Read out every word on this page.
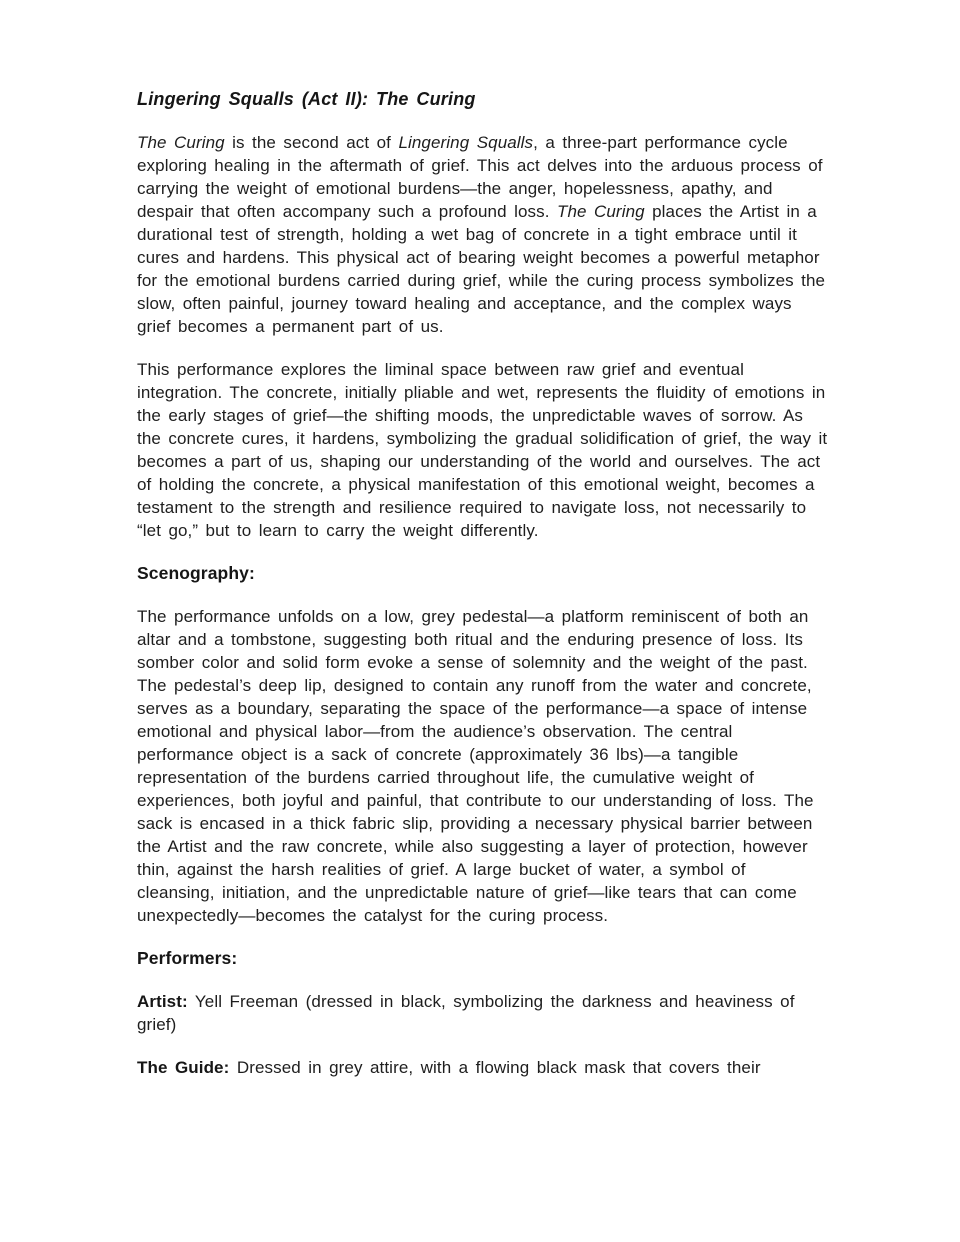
Lingering Squalls (Act II): The Curing

The Curing is the second act of Lingering Squalls, a three-part performance cycle exploring healing in the aftermath of grief. This act delves into the arduous process of carrying the weight of emotional burdens—the anger, hopelessness, apathy, and despair that often accompany such a profound loss. The Curing places the Artist in a durational test of strength, holding a wet bag of concrete in a tight embrace until it cures and hardens. This physical act of bearing weight becomes a powerful metaphor for the emotional burdens carried during grief, while the curing process symbolizes the slow, often painful, journey toward healing and acceptance, and the complex ways grief becomes a permanent part of us.

This performance explores the liminal space between raw grief and eventual integration. The concrete, initially pliable and wet, represents the fluidity of emotions in the early stages of grief—the shifting moods, the unpredictable waves of sorrow. As the concrete cures, it hardens, symbolizing the gradual solidification of grief, the way it becomes a part of us, shaping our understanding of the world and ourselves. The act of holding the concrete, a physical manifestation of this emotional weight, becomes a testament to the strength and resilience required to navigate loss, not necessarily to “let go,” but to learn to carry the weight differently.

Scenography:

The performance unfolds on a low, grey pedestal—a platform reminiscent of both an altar and a tombstone, suggesting both ritual and the enduring presence of loss. Its somber color and solid form evoke a sense of solemnity and the weight of the past. The pedestal’s deep lip, designed to contain any runoff from the water and concrete, serves as a boundary, separating the space of the performance—a space of intense emotional and physical labor—from the audience’s observation. The central performance object is a sack of concrete (approximately 36 lbs)—a tangible representation of the burdens carried throughout life, the cumulative weight of experiences, both joyful and painful, that contribute to our understanding of loss. The sack is encased in a thick fabric slip, providing a necessary physical barrier between the Artist and the raw concrete, while also suggesting a layer of protection, however thin, against the harsh realities of grief. A large bucket of water, a symbol of cleansing, initiation, and the unpredictable nature of grief—like tears that can come unexpectedly—becomes the catalyst for the curing process.

Performers:

Artist: Yell Freeman (dressed in black, symbolizing the darkness and heaviness of grief)

The Guide: Dressed in grey attire, with a flowing black mask that covers their
